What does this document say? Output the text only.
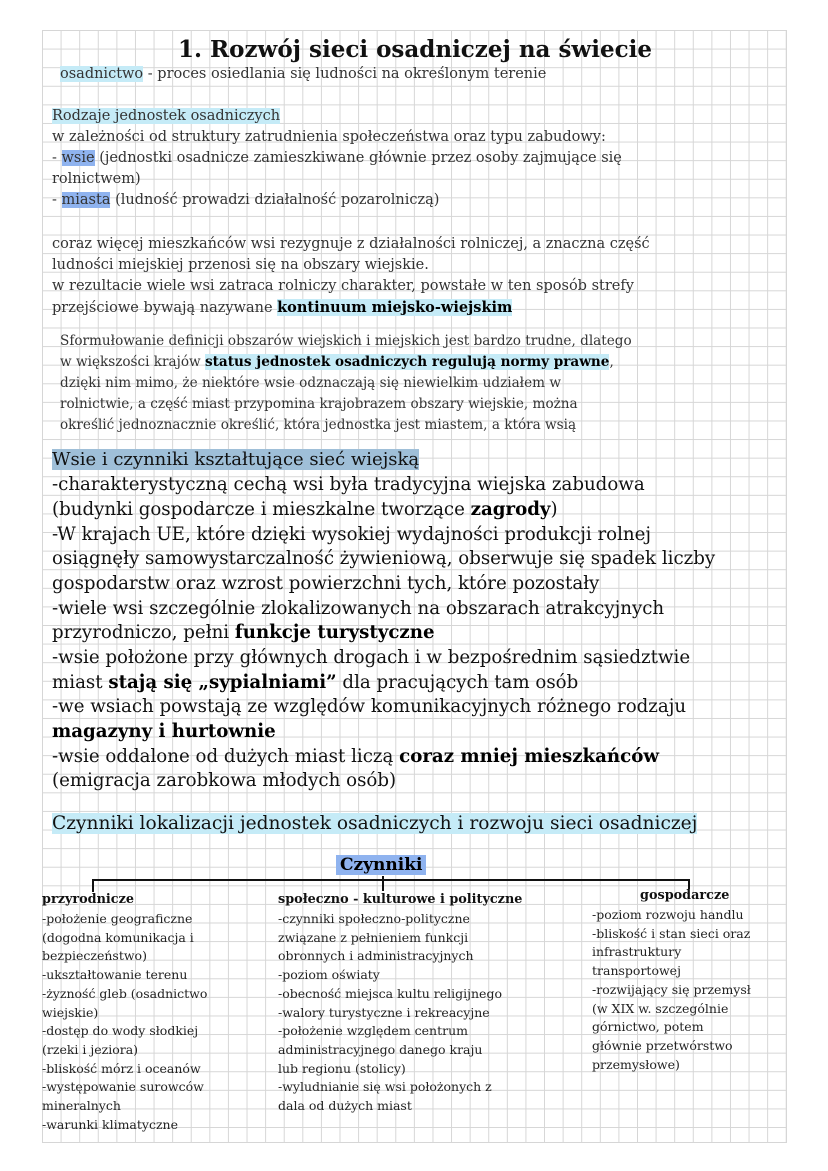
1. Rozwój sieci osadniczej na świecie
osadnictwo - proces osiedlania się ludności na określonym terenie
Rodzaje jednostek osadniczych
w zależności od struktury zatrudnienia społeczeństwa oraz typu zabudowy:
- wsie (jednostki osadnicze zamieszkiwane głównie przez osoby zajmujące się
rolnictwem)
- miasta (ludność prowadzi działalność pozarolniczą)
coraz więcej mieszkańców wsi rezygnuje z działalności rolniczej, a znaczna część
ludności miejskiej przenosi się na obszary wiejskie.
w rezultacie wiele wsi zatraca rolniczy charakter, powstałe w ten sposób strefy
przejściowe bywają nazywane kontinuum miejsko-wiejskim
Sformułowanie definicji obszarów wiejskich i miejskich jest bardzo trudne, dlatego
w większości krajów status jednostek osadniczych regulują normy prawne,
dzięki nim mimo, że niektóre wsie odznaczają się niewielkim udziałem w
rolnictwie, a część miast przypomina krajobrazem obszary wiejskie, można
określić jednoznacznie określić, która jednostka jest miastem, a która wsią
Wsie i czynniki kształtujące sieć wiejską
-charakterystyczną cechą wsi była tradycyjna wiejska zabudowa
(budynki gospodarcze i mieszkalne tworzące zagrody)
-W krajach UE, które dzięki wysokiej wydajności produkcji rolnej
osiągnęły samowystarczalność żywieniową, obserwuje się spadek liczby
gospodarstw oraz wzrost powierzchni tych, które pozostały
-wiele wsi szczególnie zlokalizowanych na obszarach atrakcyjnych
przyrodniczo, pełni funkcje turystyczne
-wsie położone przy głównych drogach i w bezpośrednim sąsiedztwie
miast stają się „sypialniami” dla pracujących tam osób
-we wsiach powstają ze względów komunikacyjnych różnego rodzaju
magazyny i hurtownie
-wsie oddalone od dużych miast liczą coraz mniej mieszkańców
(emigracja zarobkowa młodych osób)
Czynniki lokalizacji jednostek osadniczych i rozwoju sieci osadniczej
Czynniki
przyrodnicze
-położenie geograficzne
(dogodna komunikacja i
bezpieczeństwo)
-ukształtowanie terenu
-żyzność gleb (osadnictwo
wiejskie)
-dostęp do wody słodkiej
(rzeki i jeziora)
-bliskość mórz i oceanów
-występowanie surowców
mineralnych
-warunki klimatyczne
społeczno - kulturowe i polityczne
-czynniki społeczno-polityczne
związane z pełnieniem funkcji
obronnych i administracyjnych
-poziom oświaty
-obecność miejsca kultu religijnego
-walory turystyczne i rekreacyjne
-położenie względem centrum
administracyjnego danego kraju
lub regionu (stolicy)
-wyludnianie się wsi położonych z
dala od dużych miast
gospodarcze
-poziom rozwoju handlu
-bliskość i stan sieci oraz
infrastruktury
transportowej
-rozwijający się przemysł
(w XIX w. szczególnie
górnictwo, potem
głównie przetwórstwo
przemysłowe)
